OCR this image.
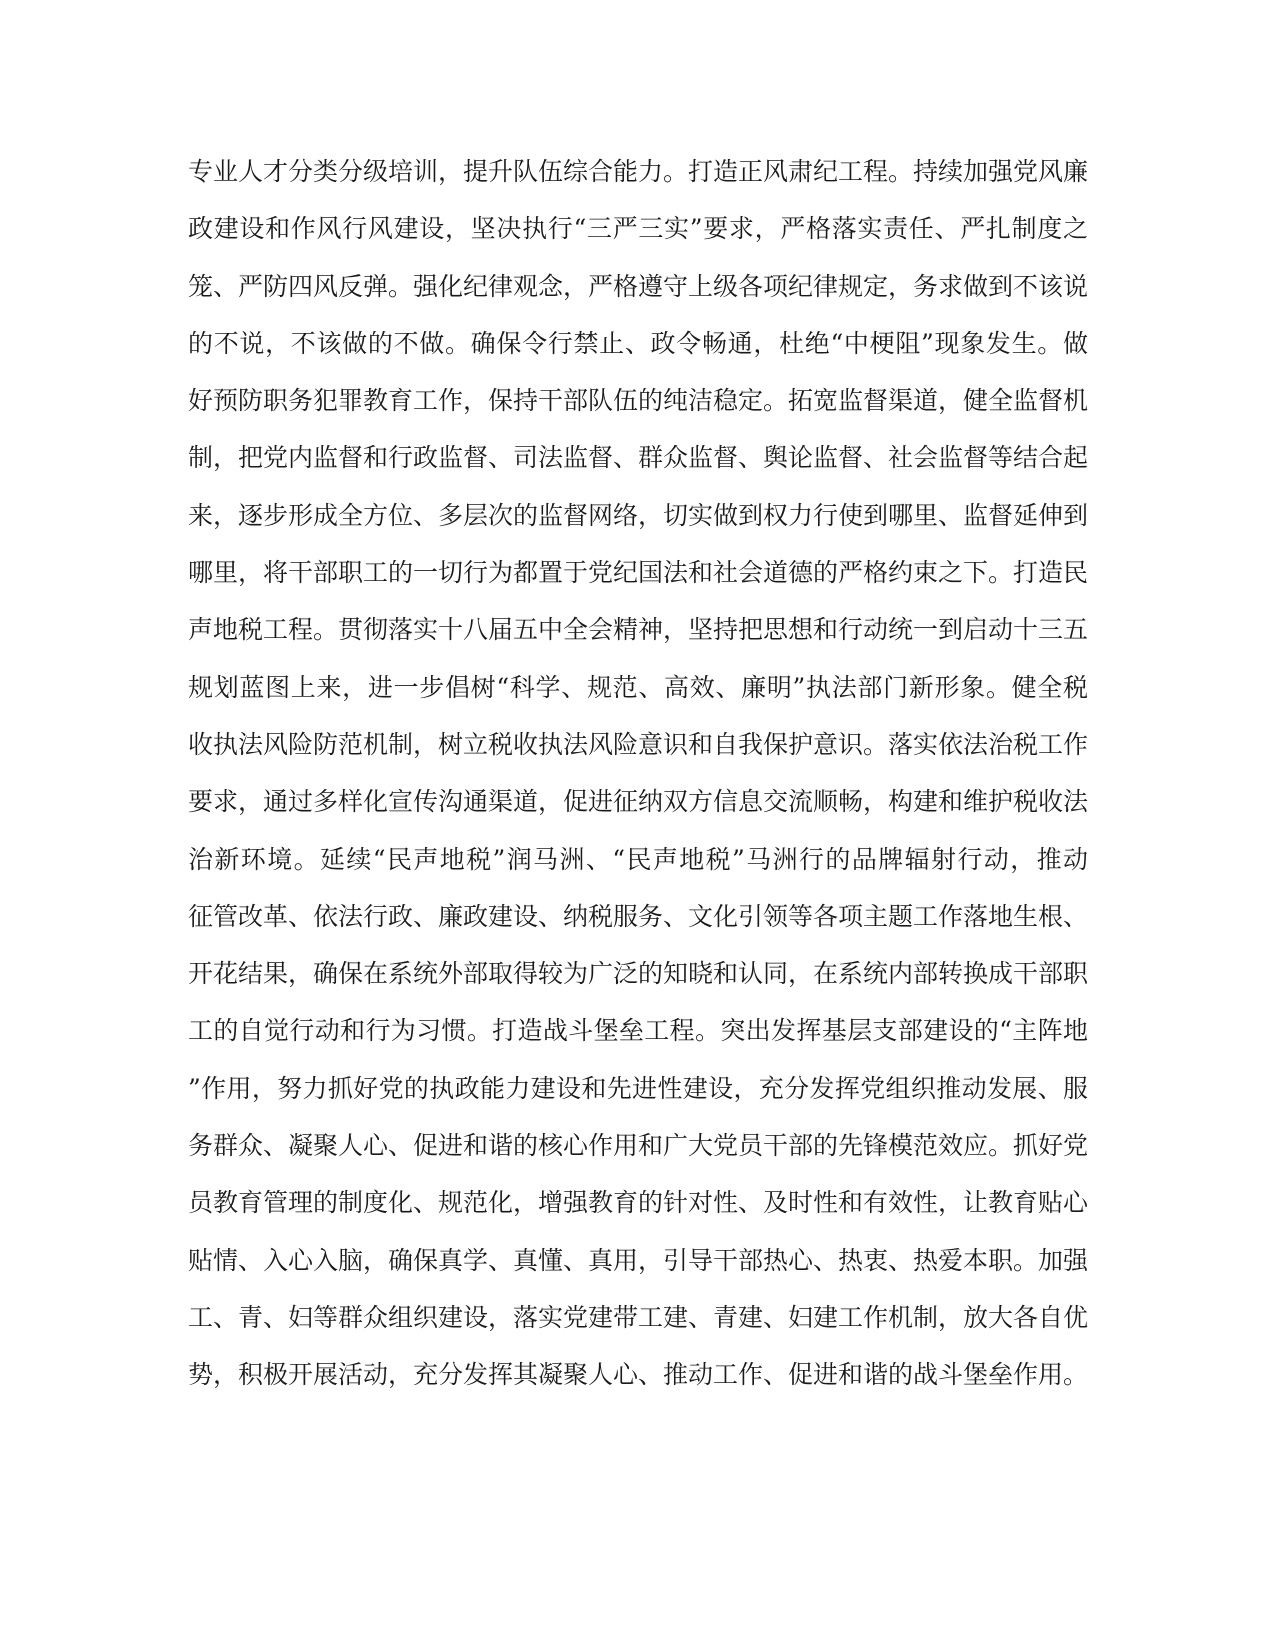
专业人才分类分级培训，提升队伍综合能力。打造正风肃纪工程。持续加强党风廉
政建设和作风行风建设，坚决执行“三严三实”要求，严格落实责任、严扎制度之
笼、严防四风反弹。强化纪律观念，严格遵守上级各项纪律规定，务求做到不该说
的不说，不该做的不做。确保令行禁止、政令畅通，杜绝“中梗阻”现象发生。做
好预防职务犯罪教育工作，保持干部队伍的纯洁稳定。拓宽监督渠道，健全监督机
制，把党内监督和行政监督、司法监督、群众监督、舆论监督、社会监督等结合起
来，逐步形成全方位、多层次的监督网络，切实做到权力行使到哪里、监督延伸到
哪里，将干部职工的一切行为都置于党纪国法和社会道德的严格约束之下。打造民
声地税工程。贯彻落实十八届五中全会精神，坚持把思想和行动统一到启动十三五
规划蓝图上来，进一步倡树“科学、规范、高效、廉明”执法部门新形象。健全税
收执法风险防范机制，树立税收执法风险意识和自我保护意识。落实依法治税工作
要求，通过多样化宣传沟通渠道，促进征纳双方信息交流顺畅，构建和维护税收法
治新环境。延续“民声地税”润马洲、“民声地税”马洲行的品牌辐射行动，推动
征管改革、依法行政、廉政建设、纳税服务、文化引领等各项主题工作落地生根、
开花结果，确保在系统外部取得较为广泛的知晓和认同，在系统内部转换成干部职
工的自觉行动和行为习惯。打造战斗堡垒工程。突出发挥基层支部建设的“主阵地
”作用，努力抓好党的执政能力建设和先进性建设，充分发挥党组织推动发展、服
务群众、凝聚人心、促进和谐的核心作用和广大党员干部的先锋模范效应。抓好党
员教育管理的制度化、规范化，增强教育的针对性、及时性和有效性，让教育贴心
贴情、入心入脑，确保真学、真懂、真用，引导干部热心、热衷、热爱本职。加强
工、青、妇等群众组织建设，落实党建带工建、青建、妇建工作机制，放大各自优
势，积极开展活动，充分发挥其凝聚人心、推动工作、促进和谐的战斗堡垒作用。
